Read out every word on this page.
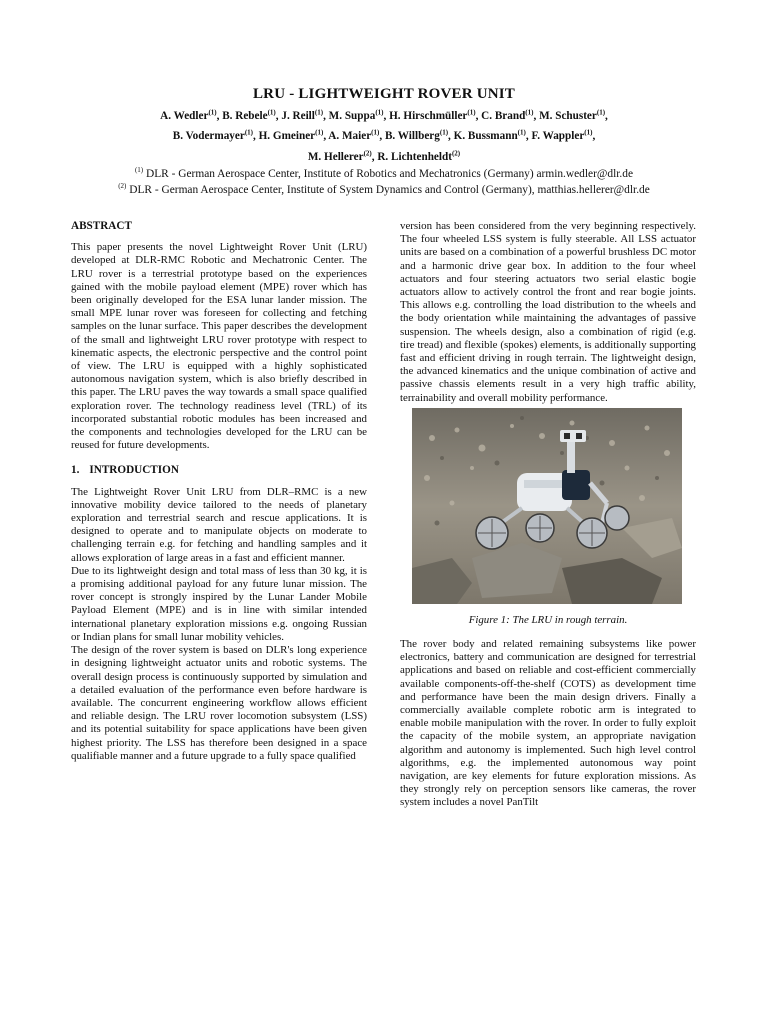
LRU - LIGHTWEIGHT ROVER UNIT
A. Wedler$^{(1)}$, B. Rebele$^{(1)}$, J. Reill$^{(1)}$, M. Suppa$^{(1)}$, H. Hirschmüller$^{(1)}$, C. Brand$^{(1)}$, M. Schuster$^{(1)}$,
B. Vodermayer$^{(1)}$, H. Gmeiner$^{(1)}$, A. Maier$^{(1)}$, B. Willberg$^{(1)}$, K. Bussmann$^{(1)}$, F. Wappler$^{(1)}$,
M. Hellerer$^{(2)}$, R. Lichtenheldt$^{(2)}$
$^{(1)}$ DLR - German Aerospace Center, Institute of Robotics and Mechatronics (Germany) armin.wedler@dlr.de
$^{(2)}$ DLR - German Aerospace Center, Institute of System Dynamics and Control (Germany), matthias.hellerer@dlr.de
ABSTRACT

This paper presents the novel Lightweight Rover Unit (LRU) developed at DLR-RMC Robotic and Mechatronic Center. The LRU rover is a terrestrial prototype based on the experiences gained with the mobile payload element (MPE) rover which has been originally developed for the ESA lunar lander mission. The small MPE lunar rover was foreseen for collecting and fetching samples on the lunar surface. This paper describes the development of the small and lightweight LRU rover prototype with respect to kinematic aspects, the electronic perspective and the control point of view. The LRU is equipped with a highly sophisticated autonomous navigation system, which is also briefly described in this paper. The LRU paves the way towards a small space qualified exploration rover. The technology readiness level (TRL) of its incorporated substantial robotic modules has been increased and the components and technologies developed for the LRU can be reused for future developments.

1. INTRODUCTION

The Lightweight Rover Unit LRU from DLR–RMC is a new innovative mobility device tailored to the needs of planetary exploration and terrestrial search and rescue applications. It is designed to operate and to manipulate objects on moderate to challenging terrain e.g. for fetching and handling samples and it allows exploration of large areas in a fast and efficient manner.

Due to its lightweight design and total mass of less than 30 kg, it is a promising additional payload for any future lunar mission. The rover concept is strongly inspired by the Lunar Lander Mobile Payload Element (MPE) and is in line with similar intended international planetary exploration missions e.g. ongoing Russian or Indian plans for small lunar mobility vehicles.

The design of the rover system is based on DLR's long experience in designing lightweight actuator units and robotic systems. The overall design process is continuously supported by simulation and a detailed evaluation of the performance even before hardware is available. The concurrent engineering workflow allows efficient and reliable design. The LRU rover locomotion subsystem (LSS) and its potential suitability for space applications have been given highest priority. The LSS has therefore been designed in a space qualifiable manner and a future upgrade to a fully space qualified

version has been considered from the very beginning respectively. The four wheeled LSS system is fully steerable. All LSS actuator units are based on a combination of a powerful brushless DC motor and a harmonic drive gear box. In addition to the four wheel actuators and four steering actuators two serial elastic bogie actuators allow to actively control the front and rear bogie joints. This allows e.g. controlling the load distribution to the wheels and the body orientation while maintaining the advantages of passive suspension. The wheels design, also a combination of rigid (e.g. tire tread) and flexible (spokes) elements, is additionally supporting fast and efficient driving in rough terrain. The lightweight design, the advanced kinematics and the unique combination of active and passive chassis elements result in a very high traffic ability, terrainability and overall mobility performance.

Figure 1: The LRU in rough terrain.

The rover body and related remaining subsystems like power electronics, battery and communication are designed for terrestrial applications and based on reliable and cost-efficient commercially available components-off-the-shelf (COTS) as development time and performance have been the main design drivers. Finally a commercially available complete robotic arm is integrated to enable mobile manipulation with the rover. In order to fully exploit the capacity of the mobile system, an appropriate navigation algorithm and autonomy is implemented. Such high level control algorithms, e.g. the implemented autonomous way point navigation, are key elements for future exploration missions. As they strongly rely on perception sensors like cameras, the rover system includes a novel PanTilt
